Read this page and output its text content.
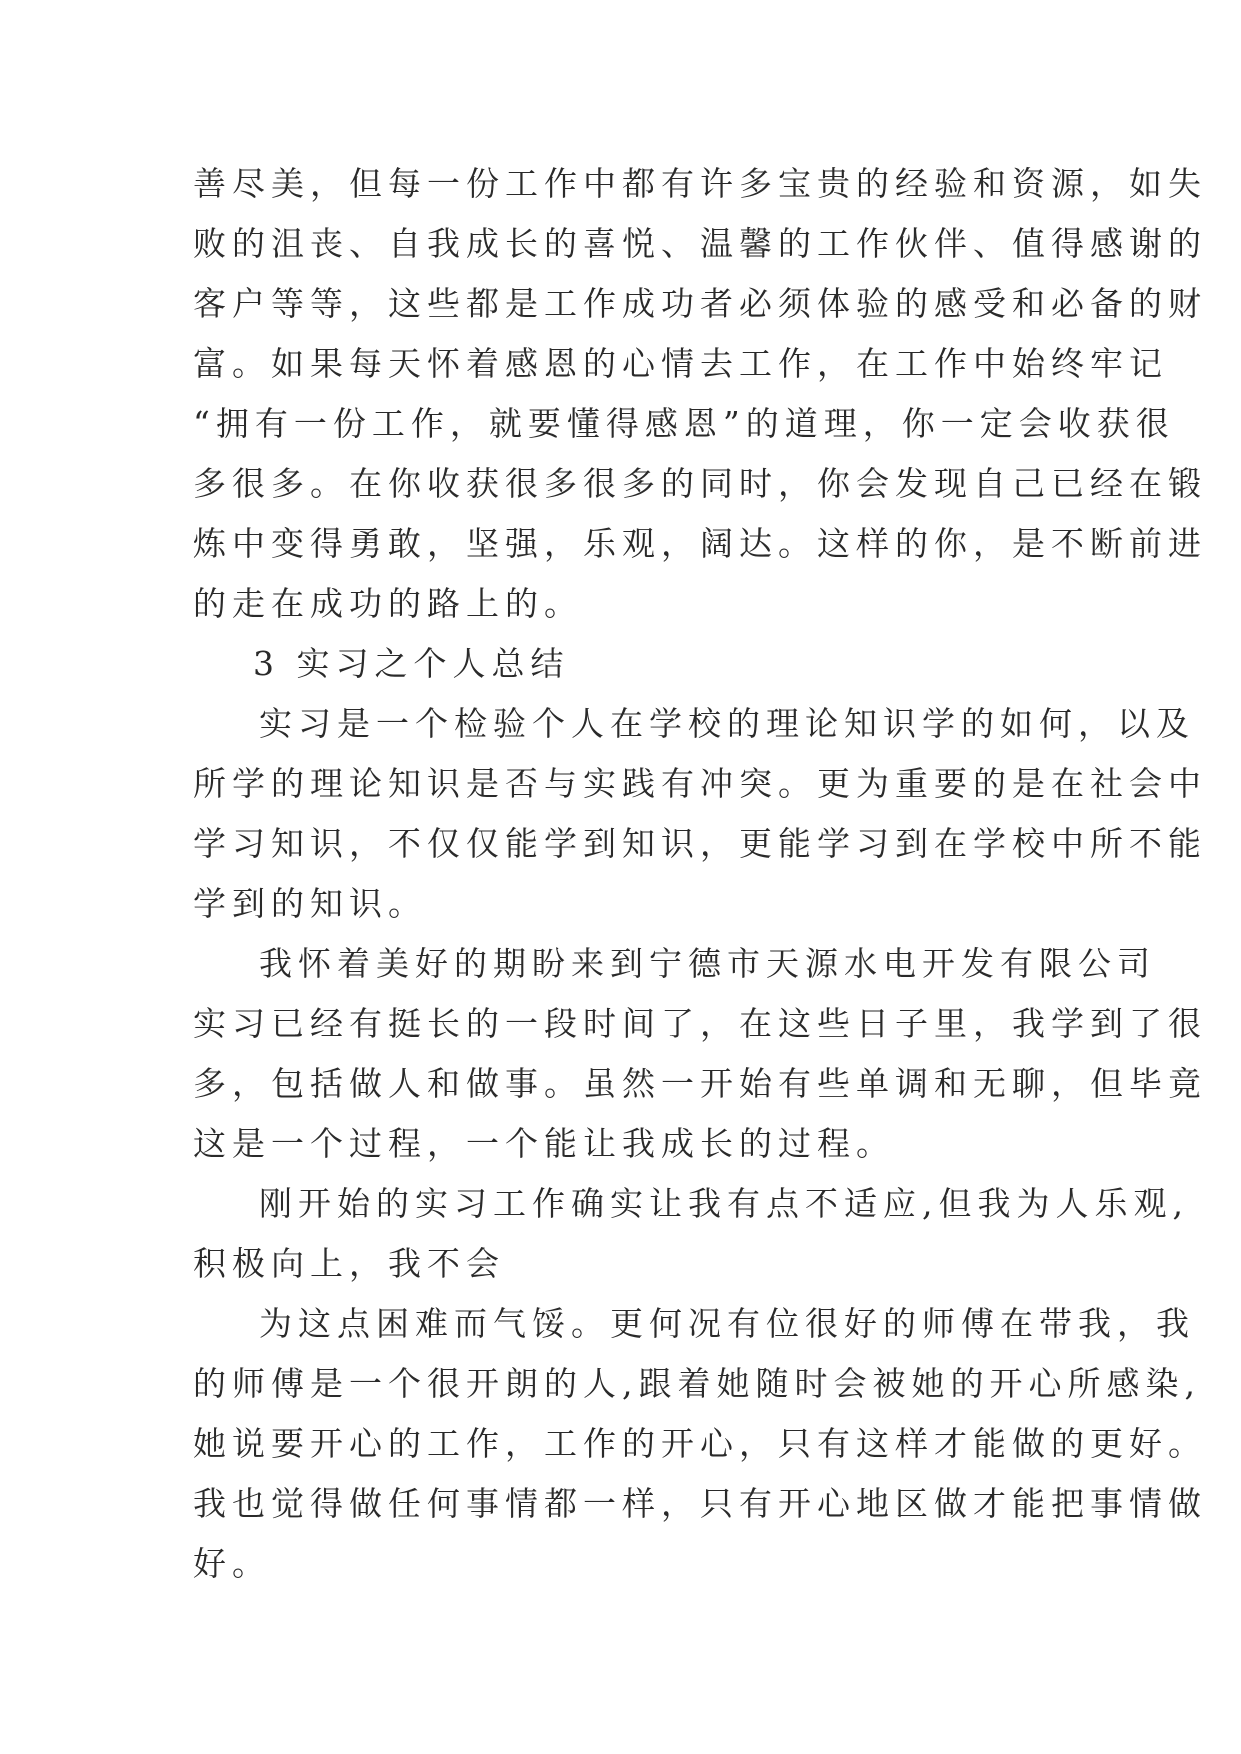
善尽美，但每一份工作中都有许多宝贵的经验和资源，如失
败的沮丧、自我成长的喜悦、温馨的工作伙伴、值得感谢的
客户等等，这些都是工作成功者必须体验的感受和必备的财
富。如果每天怀着感恩的心情去工作，在工作中始终牢记
“拥有一份工作，就要懂得感恩”的道理，你一定会收获很
多很多。在你收获很多很多的同时，你会发现自己已经在锻
炼中变得勇敢，坚强，乐观，阔达。这样的你，是不断前进
的走在成功的路上的。
3 实习之个人总结
实习是一个检验个人在学校的理论知识学的如何，以及
所学的理论知识是否与实践有冲突。更为重要的是在社会中
学习知识，不仅仅能学到知识，更能学习到在学校中所不能
学到的知识。
我怀着美好的期盼来到宁德市天源水电开发有限公司
实习已经有挺长的一段时间了，在这些日子里，我学到了很
多，包括做人和做事。虽然一开始有些单调和无聊，但毕竟
这是一个过程，一个能让我成长的过程。
刚开始的实习工作确实让我有点不适应,但我为人乐观,
积极向上，我不会
为这点困难而气馁。更何况有位很好的师傅在带我，我
的师傅是一个很开朗的人,跟着她随时会被她的开心所感染,
她说要开心的工作，工作的开心，只有这样才能做的更好。
我也觉得做任何事情都一样，只有开心地区做才能把事情做
好。
